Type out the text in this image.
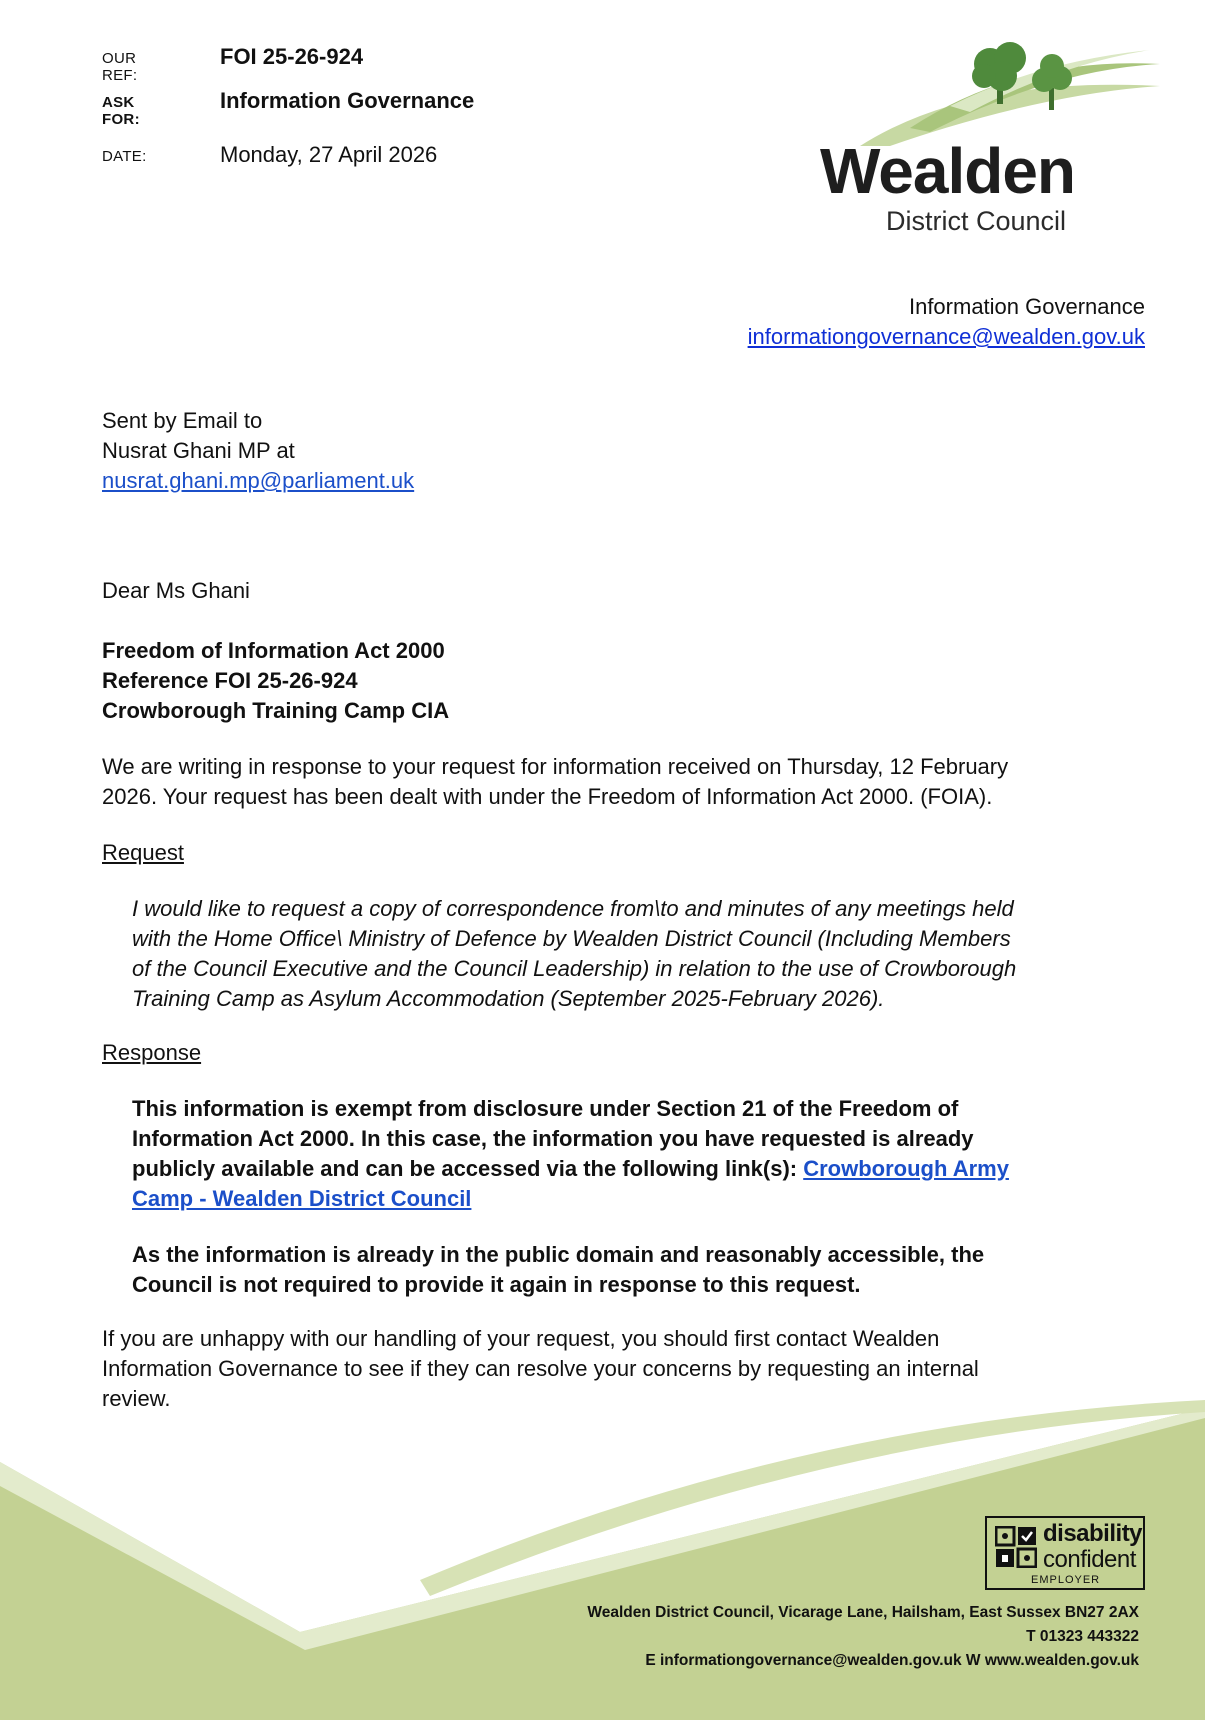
OUR REF:
FOI 25-26-924
ASK FOR:
Information Governance
DATE:	Monday, 27 April 2026	Wealden
District Council
Information Governance
informationgovernance@wealden.gov.uk
Sent by Email to
Nusrat Ghani MP at
nusrat.ghani.mp@parliament.uk
Dear Ms Ghani
Freedom of Information Act 2000
Reference FOI 25-26-924
Crowborough Training Camp CIA
We are writing in response to your request for information received on Thursday, 12 February
2026. Your request has been dealt with under the Freedom of Information Act 2000. (FOIA).
Request
I would like to request a copy of correspondence from\to and minutes of any meetings held
with the Home Office\ Ministry of Defence by Wealden District Council (Including Members
of the Council Executive and the Council Leadership) in relation to the use of Crowborough
Training Camp as Asylum Accommodation (September 2025-February 2026).
Response
This information is exempt from disclosure under Section 21 of the Freedom of
Information Act 2000. In this case, the information you have requested is already
publicly available and can be accessed via the following link(s): Crowborough Army
Camp - Wealden District Council
As the information is already in the public domain and reasonably accessible, the
Council is not required to provide it again in response to this request.
If you are unhappy with our handling of your request, you should first contact Wealden
Information Governance to see if they can resolve your concerns by requesting an internal
review.
disability
confident
EMPLOYER
Wealden District Council, Vicarage Lane, Hailsham, East Sussex BN27 2AX
T 01323 443322
E informationgovernance@wealden.gov.uk W www.wealden.gov.uk
